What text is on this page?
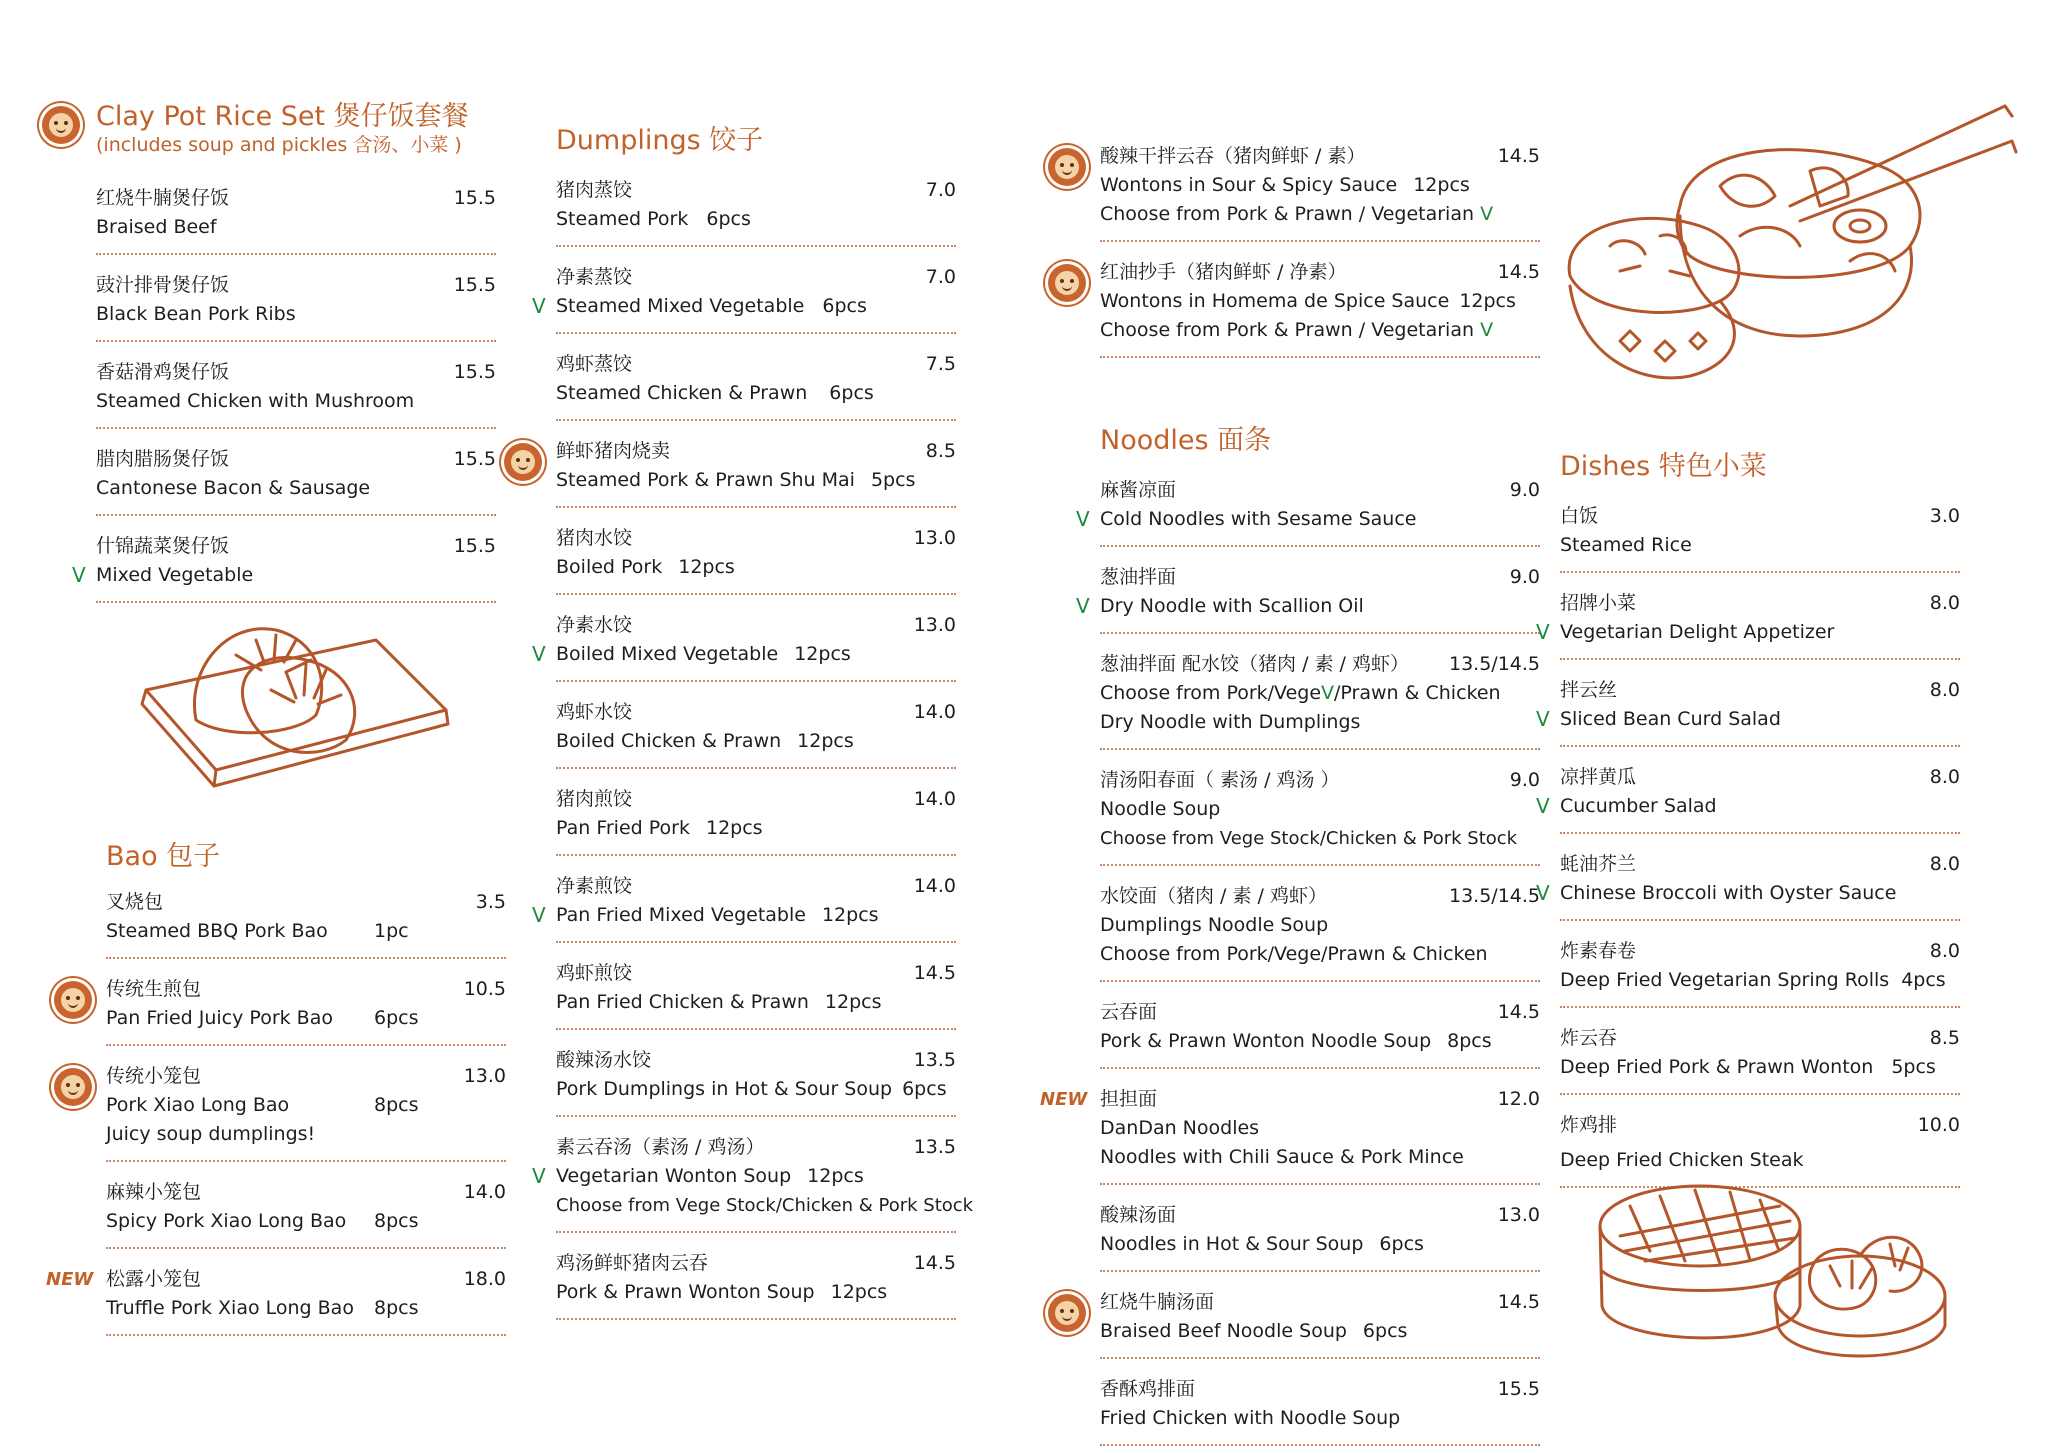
Clay Pot Rice Set 煲仔饭套餐
(includes soup and pickles 含汤、小菜 )
红烧牛腩煲仔饭	15.5
Braised Beef
豉汁排骨煲仔饭	15.5
Black Bean Pork Ribs
香菇滑鸡煲仔饭	15.5
Steamed Chicken with Mushroom
腊肉腊肠煲仔饭	15.5
Cantonese Bacon & Sausage
什锦蔬菜煲仔饭	15.5
V Mixed Vegetable
Bao 包子
叉烧包	3.5
Steamed BBQ Pork Bao 1pc
传统生煎包	10.5
Pan Fried Juicy Pork Bao 6pcs
传统小笼包	13.0
Pork Xiao Long Bao	8pcs
Juicy soup dumplings!
麻辣小笼包	14.0
Spicy Pork Xiao Long Bao 8pcs
NEW 松露小笼包	18.0
Truffle Pork Xiao Long Bao 8pcs
Dumplings 饺子
猪肉蒸饺	7.0
Steamed Pork 6pcs
净素蒸饺	7.0
V Steamed Mixed Vegetable 6pcs
鸡虾蒸饺	7.5
Steamed Chicken & Prawn 6pcs
鲜虾猪肉烧卖	8.5
Steamed Pork & Prawn Shu Mai 5pcs
猪肉水饺	13.0
Boiled Pork 12pcs
净素水饺	13.0
V Boiled Mixed Vegetable 12pcs
鸡虾水饺	14.0
Boiled Chicken & Prawn 12pcs
猪肉煎饺	14.0
Pan Fried Pork 12pcs
净素煎饺	14.0
V Pan Fried Mixed Vegetable 12pcs
鸡虾煎饺	14.5
Pan Fried Chicken & Prawn 12pcs
酸辣汤水饺	13.5
Pork Dumplings in Hot & Sour Soup 6pcs
素云吞汤（素汤 / 鸡汤）	13.5
V Vegetarian Wonton Soup 12pcs
Choose from Vege Stock/Chicken & Pork Stock
鸡汤鲜虾猪肉云吞	14.5
Pork & Prawn Wonton Soup 12pcs
酸辣干拌云吞（猪肉鲜虾 / 素）	14.5
Wontons in Sour & Spicy Sauce 12pcs
Choose from Pork & Prawn / Vegetarian V
红油抄手（猪肉鲜虾 / 净素）	14.5
Wontons in Homema de Spice Sauce 12pcs
Choose from Pork & Prawn / Vegetarian V
Noodles 面条
麻酱凉面	9.0
V Cold Noodles with Sesame Sauce
葱油拌面	9.0
V Dry Noodle with Scallion Oil
葱油拌面 配水饺（猪肉 / 素 / 鸡虾） 13.5/14.5
Choose from Pork/VegeV/Prawn & Chicken
Dry Noodle with Dumplings
清汤阳春面（ 素汤 / 鸡汤 ）	9.0
Noodle Soup
Choose from Vege Stock/Chicken & Pork Stock
水饺面（猪肉 / 素 / 鸡虾）	13.5/14.5
Dumplings Noodle Soup
Choose from Pork/Vege/Prawn & Chicken
云吞面	14.5
Pork & Prawn Wonton Noodle Soup 8pcs
NEW 担担面	12.0
DanDan Noodles
Noodles with Chili Sauce & Pork Mince
酸辣汤面	13.0
Noodles in Hot & Sour Soup 6pcs
红烧牛腩汤面	14.5
Braised Beef Noodle Soup 6pcs
香酥鸡排面	15.5
Fried Chicken with Noodle Soup
Dishes 特色小菜
白饭	3.0
Steamed Rice
招牌小菜	8.0
V Vegetarian Delight Appetizer
拌云丝	8.0
V Sliced Bean Curd Salad
凉拌黄瓜	8.0
V Cucumber Salad
蚝油芥兰	8.0
V Chinese Broccoli with Oyster Sauce
炸素春卷	8.0
Deep Fried Vegetarian Spring Rolls 4pcs
炸云吞	8.5
Deep Fried Pork & Prawn Wonton 5pcs
炸鸡排	10.0
Deep Fried Chicken Steak
